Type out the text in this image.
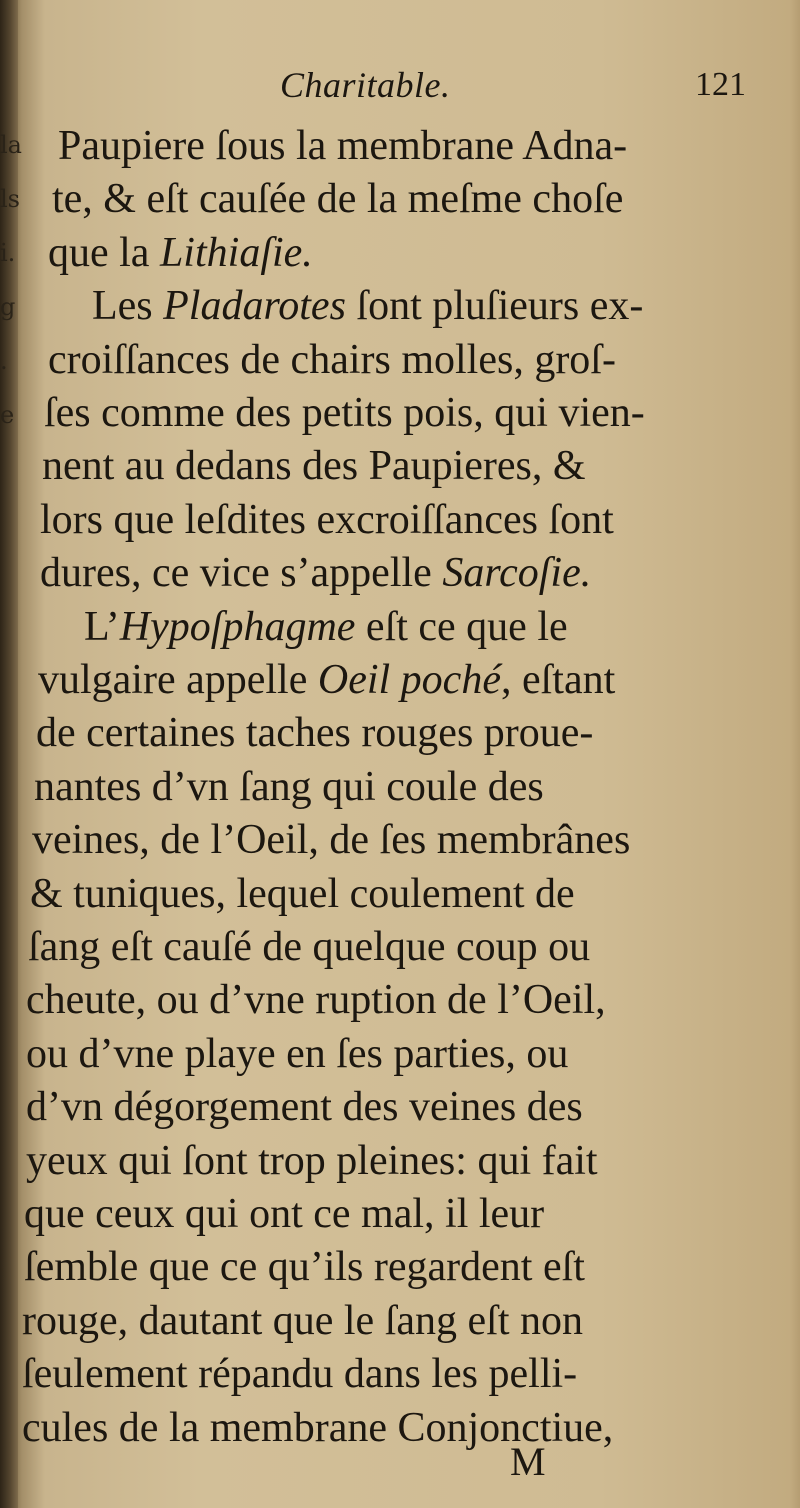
la
ls
i.
g
.
e
Charitable.	121
Paupiere ſous la membrane Adna-
te, & eſt cauſée de la meſme choſe
que la Lithiaſie.
Les Pladarotes ſont pluſieurs ex-
croiſſances de chairs molles, groſ-
ſes comme des petits pois, qui vien-
nent au dedans des Paupieres, &
lors que leſdites excroiſſances ſont
dures, ce vice s’appelle Sarcoſie.
L’Hypoſphagme eſt ce que le
vulgaire appelle Oeil poché, eſtant
de certaines taches rouges proue-
nantes d’vn ſang qui coule des
veines, de l’Oeil, de ſes membrânes
& tuniques, lequel coulement de
ſang eſt cauſé de quelque coup ou
cheute, ou d’vne ruption de l’Oeil,
ou d’vne playe en ſes parties, ou
d’vn dégorgement des veines des
yeux qui ſont trop pleines: qui fait
que ceux qui ont ce mal, il leur
ſemble que ce qu’ils regardent eſt
rouge, dautant que le ſang eſt non
ſeulement répandu dans les pelli-
cules de la membrane Conjonctiue,
M
